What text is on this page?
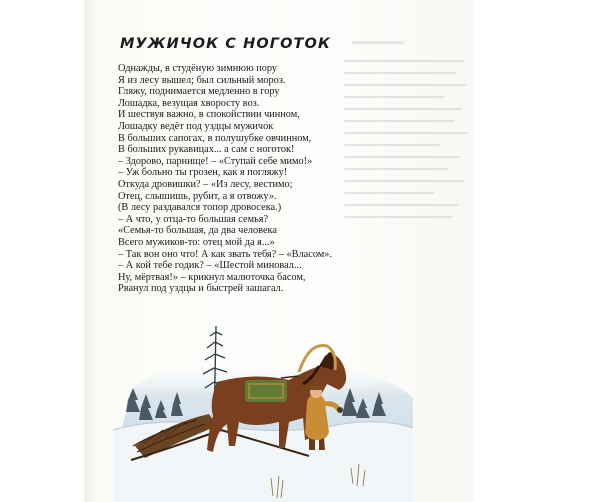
МУЖИЧОК С НОГОТОК
Однажды, в студёную зимнюю пору
Я из лесу вышел; был сильный мороз.
Гляжу, поднимается медленно в гору
Лошадка, везущая хворосту воз.
И шествуя важно, в спокойствии чинном,
Лошадку ведёт под уздцы мужичок
В больших сапогах, в полушубке овчинном,
В больших рукавицах... а сам с ноготок!
– Здорово, парнище! – «Ступай себе мимо!»
– Уж больно ты грозен, как я погляжу!
Откуда дровишки? – «Из лесу, вестимо;
Отец, слышишь, рубит, а я отвожу».
(В лесу раздавался топор дровосека.)
– А что, у отца-то большая семья?
«Семья-то большая, да два человека
Всего мужиков-то: отец мой да я...»
– Так вон оно что! А как звать тебя? – «Власом».
– А кой тебе годик? – «Шестой миновал...
Ну, мёртвая!» – крикнул малюточка басом,
Рванул под уздцы и быстрей зашагал.
